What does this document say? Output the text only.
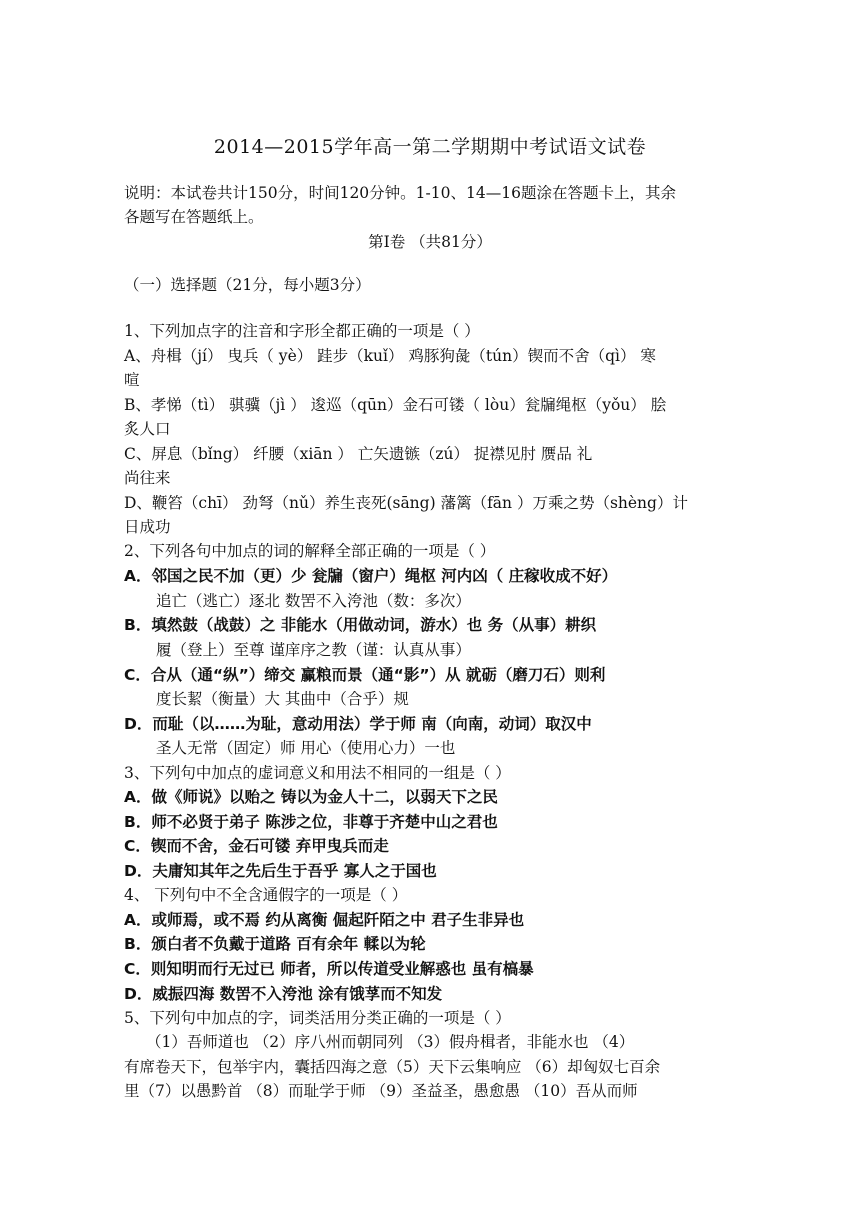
2014—2015学年高一第二学期期中考试语文试卷
说明：本试卷共计150分，时间120分钟。1-10、14—16题涂在答题卡上，其余
各题写在答题纸上。
第Ⅰ卷 （共81分）
（一）选择题（21分，每小题3分）
1、下列加点字的注音和字形全都正确的一项是（ ）
A、舟楫（jí） 曳兵（ yè） 跬步（kuǐ） 鸡豚狗彘（tún）锲而不舍（qì） 寒
喧
B、孝悌（tì） 骐骥（jì ） 逡巡（qūn）金石可镂（ lòu）瓮牖绳枢（yǒu） 脍
炙人口
C、屏息（bǐng） 纤腰（xiān ） 亡矢遗镞（zú） 捉襟见肘 赝品 礼
尚往来
D、鞭笞（chī） 劲弩（nǔ）养生丧死(sāng) 藩篱（fān ）万乘之势（shèng）计
日成功
2、下列各句中加点的词的解释全部正确的一项是（ ）
A．邻国之民不加（更）少 瓮牖（窗户）绳枢 河内凶（ 庄稼收成不好）
追亡（逃亡）逐北 数罟不入洿池（数：多次）
B．填然鼓（战鼓）之 非能水（用做动词，游水）也 务（从事）耕织
履（登上）至尊 谨庠序之教（谨：认真从事）
C．合从（通“纵”）缔交 赢粮而景（通“影”）从 就砺（磨刀石）则利
度长絜（衡量）大 其曲中（合乎）规
D．而耻（以……为耻，意动用法）学于师 南（向南，动词）取汉中
圣人无常（固定）师 用心（使用心力）一也
3、下列句中加点的虚词意义和用法不相同的一组是（ ）
A．做《师说》以贻之 铸以为金人十二，以弱天下之民
B．师不必贤于弟子 陈涉之位，非尊于齐楚中山之君也
C．锲而不舍，金石可镂 弃甲曳兵而走
D．夫庸知其年之先后生于吾乎 寡人之于国也
4、 下列句中不全含通假字的一项是（ ）
A．或师焉，或不焉 约从离衡 倔起阡陌之中 君子生非异也
B．颁白者不负戴于道路 百有余年 輮以为轮
C．则知明而行无过已 师者，所以传道受业解惑也 虽有槁暴
D．威振四海 数罟不入洿池 涂有饿莩而不知发
5、下列句中加点的字，词类活用分类正确的一项是（ ）
（1）吾师道也 （2）序八州而朝同列 （3）假舟楫者，非能水也 （4）
有席卷天下，包举宇内，囊括四海之意（5）天下云集响应 （6）却匈奴七百余
里（7）以愚黔首 （8）而耻学于师 （9）圣益圣，愚愈愚 （10）吾从而师
